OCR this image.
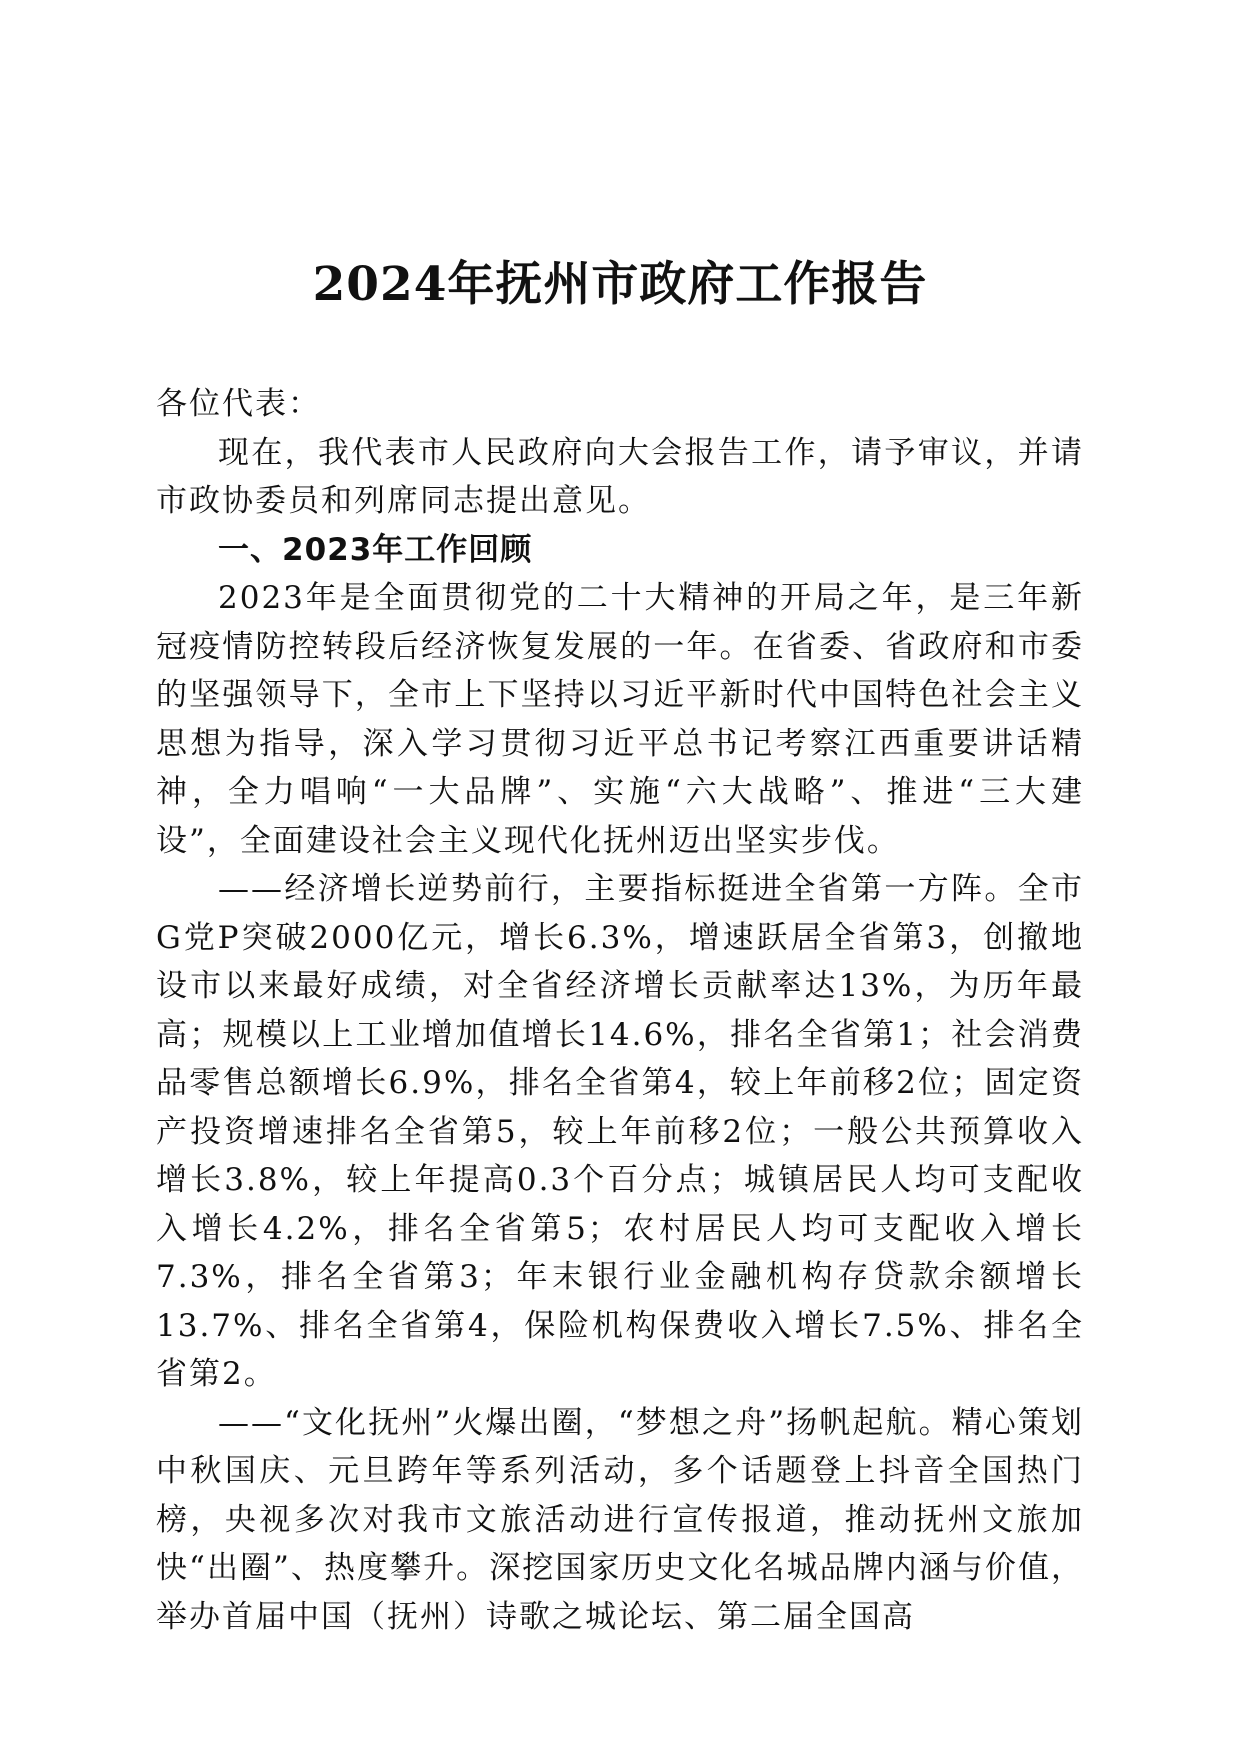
2024年抚州市政府工作报告

各位代表：

现在，我代表市人民政府向大会报告工作，请予审议，并请市政协委员和列席同志提出意见。

一、2023年工作回顾

2023年是全面贯彻党的二十大精神的开局之年，是三年新冠疫情防控转段后经济恢复发展的一年。在省委、省政府和市委的坚强领导下，全市上下坚持以习近平新时代中国特色社会主义思想为指导，深入学习贯彻习近平总书记考察江西重要讲话精神，全力唱响“一大品牌”、实施“六大战略”、推进“三大建设”，全面建设社会主义现代化抚州迈出坚实步伐。

——经济增长逆势前行，主要指标挺进全省第一方阵。全市G党P突破2000亿元，增长6.3%，增速跃居全省第3，创撤地设市以来最好成绩，对全省经济增长贡献率达13%，为历年最高；规模以上工业增加值增长14.6%，排名全省第1；社会消费品零售总额增长6.9%，排名全省第4，较上年前移2位；固定资产投资增速排名全省第5，较上年前移2位；一般公共预算收入增长3.8%，较上年提高0.3个百分点；城镇居民人均可支配收入增长4.2%，排名全省第5；农村居民人均可支配收入增长7.3%，排名全省第3；年末银行业金融机构存贷款余额增长13.7%、排名全省第4，保险机构保费收入增长7.5%、排名全省第2。

——“文化抚州”火爆出圈，“梦想之舟”扬帆起航。精心策划中秋国庆、元旦跨年等系列活动，多个话题登上抖音全国热门榜，央视多次对我市文旅活动进行宣传报道，推动抚州文旅加快“出圈”、热度攀升。深挖国家历史文化名城品牌内涵与价值，举办首届中国（抚州）诗歌之城论坛、第二届全国高
